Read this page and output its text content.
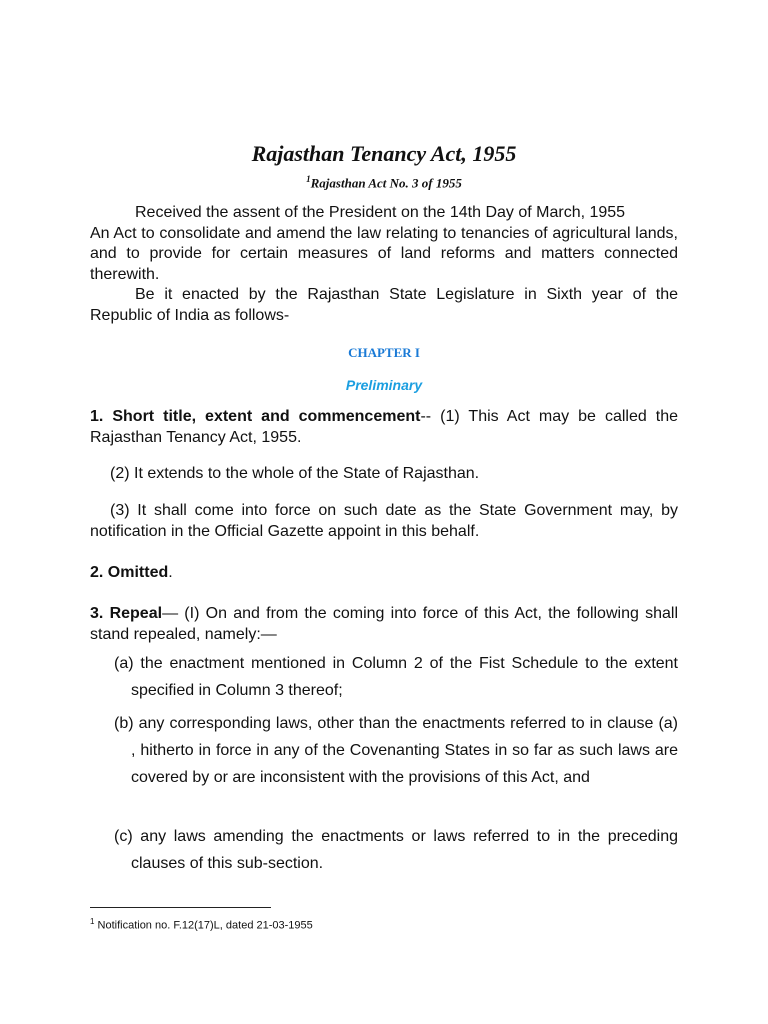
Rajasthan Tenancy Act, 1955
$^1$Rajasthan Act No. 3 of 1955

Received the assent of the President on the 14th Day of March, 1955
An Act to consolidate and amend the law relating to tenancies of agricultural lands, and to provide for certain measures of land reforms and matters connected therewith.
Be it enacted by the Rajasthan State Legislature in Sixth year of the Republic of India as follows-

CHAPTER I
Preliminary

1. Short title, extent and commencement-- (1) This Act may be called the Rajasthan Tenancy Act, 1955.

(2) It extends to the whole of the State of Rajasthan.

(3) It shall come into force on such date as the State Government may, by notification in the Official Gazette appoint in this behalf.

2. Omitted.

3. Repeal— (I) On and from the coming into force of this Act, the following shall stand repealed, namely:—

(a) the enactment mentioned in Column 2 of the Fist Schedule to the extent specified in Column 3 thereof;

(b) any corresponding laws, other than the enactments referred to in clause (a) , hitherto in force in any of the Covenanting States in so far as such laws are covered by or are inconsistent with the provisions of this Act, and

(c) any laws amending the enactments or laws referred to in the preceding clauses of this sub-section.

$^1$ Notification no. F.12(17)L, dated 21-03-1955
